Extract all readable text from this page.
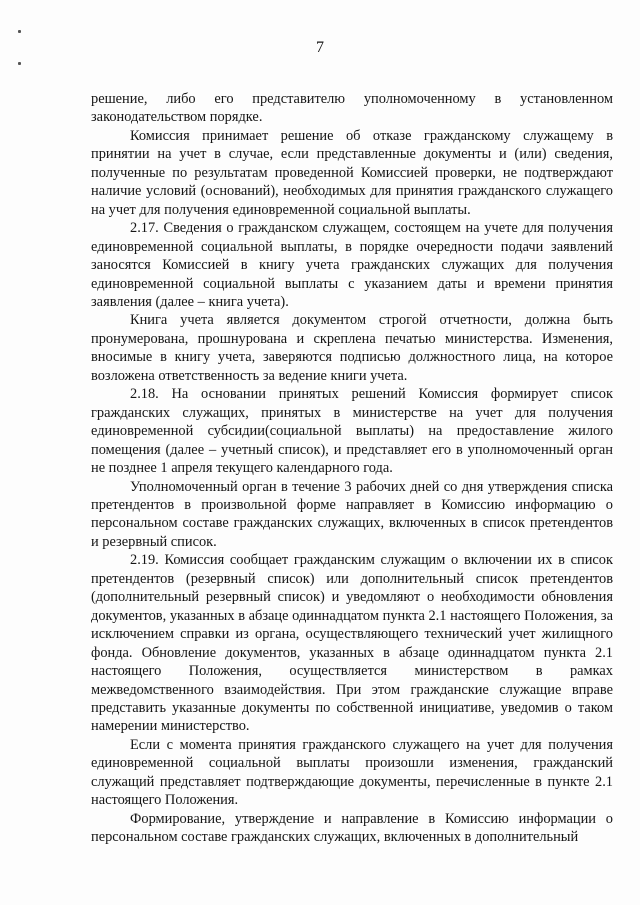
7

решение, либо его представителю уполномоченному в установленном законодательством порядке.

Комиссия принимает решение об отказе гражданскому служащему в принятии на учет в случае, если представленные документы и (или) сведения, полученные по результатам проведенной Комиссией проверки, не подтверждают наличие условий (оснований), необходимых для принятия гражданского служащего на учет для получения единовременной социальной выплаты.

2.17. Сведения о гражданском служащем, состоящем на учете для получения единовременной социальной выплаты, в порядке очередности подачи заявлений заносятся Комиссией в книгу учета гражданских служащих для получения единовременной социальной выплаты с указанием даты и времени принятия заявления (далее – книга учета).

Книга учета является документом строгой отчетности, должна быть пронумерована, прошнурована и скреплена печатью министерства. Изменения, вносимые в книгу учета, заверяются подписью должностного лица, на которое возложена ответственность за ведение книги учета.

2.18. На основании принятых решений Комиссия формирует список гражданских служащих, принятых в министерстве на учет для получения единовременной субсидии(социальной выплаты) на предоставление жилого помещения (далее – учетный список), и представляет его в уполномоченный орган не позднее 1 апреля текущего календарного года.

Уполномоченный орган в течение 3 рабочих дней со дня утверждения списка претендентов в произвольной форме направляет в Комиссию информацию о персональном составе гражданских служащих, включенных в список претендентов и резервный список.

2.19. Комиссия сообщает гражданским служащим о включении их в список претендентов (резервный список) или дополнительный список претендентов (дополнительный резервный список) и уведомляют о необходимости обновления документов, указанных в абзаце одиннадцатом пункта 2.1 настоящего Положения, за исключением справки из органа, осуществляющего технический учет жилищного фонда. Обновление документов, указанных в абзаце одиннадцатом пункта 2.1 настоящего Положения, осуществляется министерством в рамках межведомственного взаимодействия. При этом гражданские служащие вправе представить указанные документы по собственной инициативе, уведомив о таком намерении министерство.

Если с момента принятия гражданского служащего на учет для получения единовременной социальной выплаты произошли изменения, гражданский служащий представляет подтверждающие документы, перечисленные в пункте 2.1 настоящего Положения.

Формирование, утверждение и направление в Комиссию информации о персональном составе гражданских служащих, включенных в дополнительный
